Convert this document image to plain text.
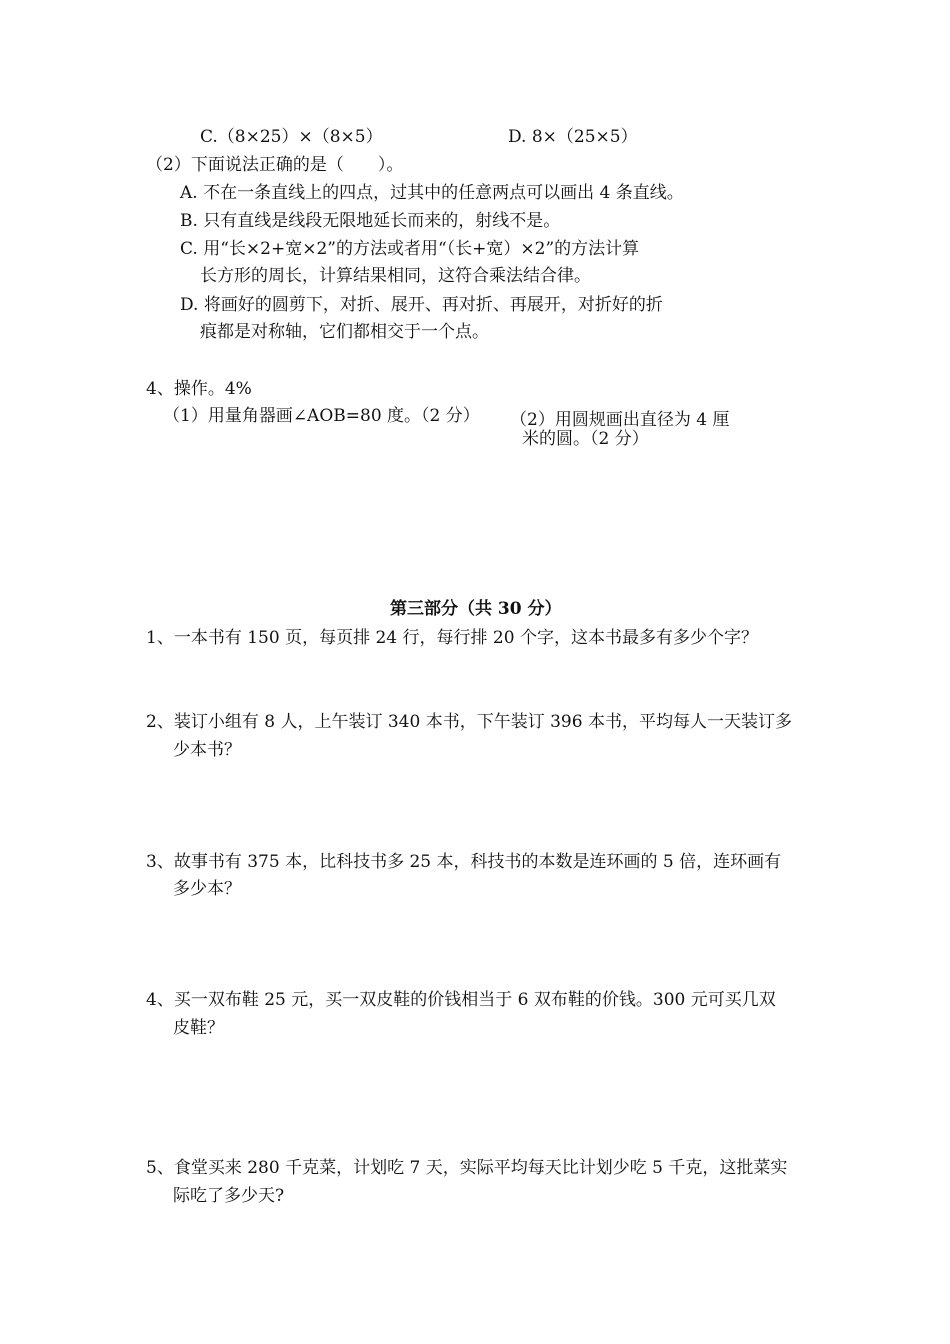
C.（8×25）×（8×5）	D. 8×（25×5）
（2）下面说法正确的是（　　）。
A. 不在一条直线上的四点，过其中的任意两点可以画出 4 条直线。
B. 只有直线是线段无限地延长而来的，射线不是。
C. 用“长×2+宽×2”的方法或者用“（长+宽）×2”的方法计算
长方形的周长，计算结果相同，这符合乘法结合律。
D. 将画好的圆剪下，对折、展开、再对折、再展开，对折好的折
痕都是对称轴，它们都相交于一个点。
4、操作。4%
（1）用量角器画∠AOB=80 度。（2 分） （2）用圆规画出直径为 4 厘
米的圆。（2 分）
第三部分（共 30 分）
1、一本书有 150 页，每页排 24 行，每行排 20 个字，这本书最多有多少个字？
2、装订小组有 8 人，上午装订 340 本书，下午装订 396 本书，平均每人一天装订多
少本书？
3、故事书有 375 本，比科技书多 25 本，科技书的本数是连环画的 5 倍，连环画有
多少本？
4、买一双布鞋 25 元，买一双皮鞋的价钱相当于 6 双布鞋的价钱。300 元可买几双
皮鞋？
5、食堂买来 280 千克菜，计划吃 7 天，实际平均每天比计划少吃 5 千克，这批菜实
际吃了多少天?
